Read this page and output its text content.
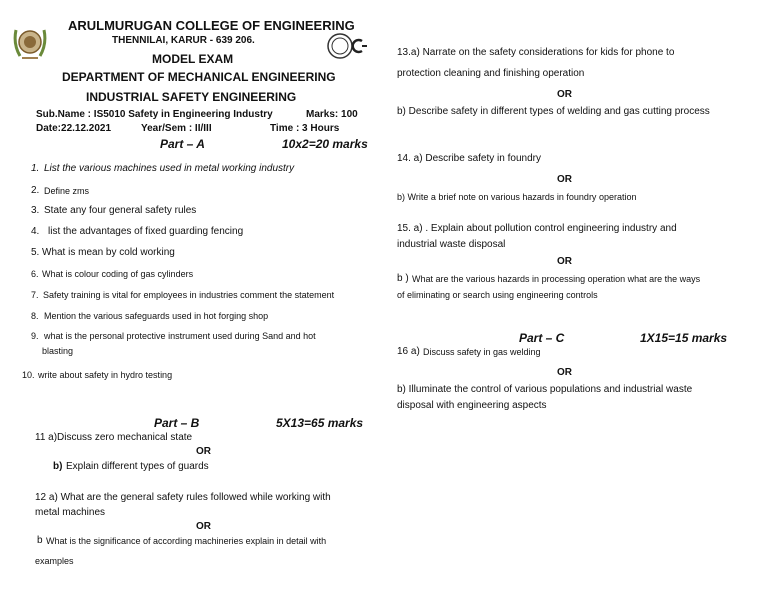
ARULMURUGAN COLLEGE OF ENGINEERING
THENNILAI, KARUR - 639 206.
MODEL EXAM
DEPARTMENT OF MECHANICAL ENGINEERING
INDUSTRIAL SAFETY ENGINEERING
Sub.Name : IS5010 Safety in Engineering Industry	Marks: 100
Date:22.12.2021	Year/Sem : II/III	Time : 3 Hours
Part – A	10x2=20 marks
1. List the various machines used in metal working industry
2. Define zms
3. State any four general safety rules
4. list the advantages of fixed guarding fencing
5. What is mean by cold working
6. What is colour coding of gas cylinders
7. Safety training is vital for employees in industries comment the statement
8. Mention the various safeguards used in hot forging shop
9. what is the personal protective instrument used during Sand and hot
blasting
10. write about safety in hydro testing
Part – B	5X13=65 marks
11 a)Discuss zero mechanical state
OR
b) Explain different types of guards
12 a) What are the general safety rules followed while working with
metal machines
OR
b What is the significance of according machineries explain in detail with
examples
13.a) Narrate on the safety considerations for kids for phone to
protection cleaning and finishing operation
OR
b) Describe safety in different types of welding and gas cutting process
14. a) Describe safety in foundry
OR
b) Write a brief note on various hazards in foundry operation
15. a) . Explain about pollution control engineering industry and
industrial waste disposal
OR
b ) What are the various hazards in processing operation what are the ways
of eliminating or search using engineering controls
Part – C	1X15=15 marks
16 a) Discuss safety in gas welding
OR
b) Illuminate the control of various populations and industrial waste
disposal with engineering aspects
